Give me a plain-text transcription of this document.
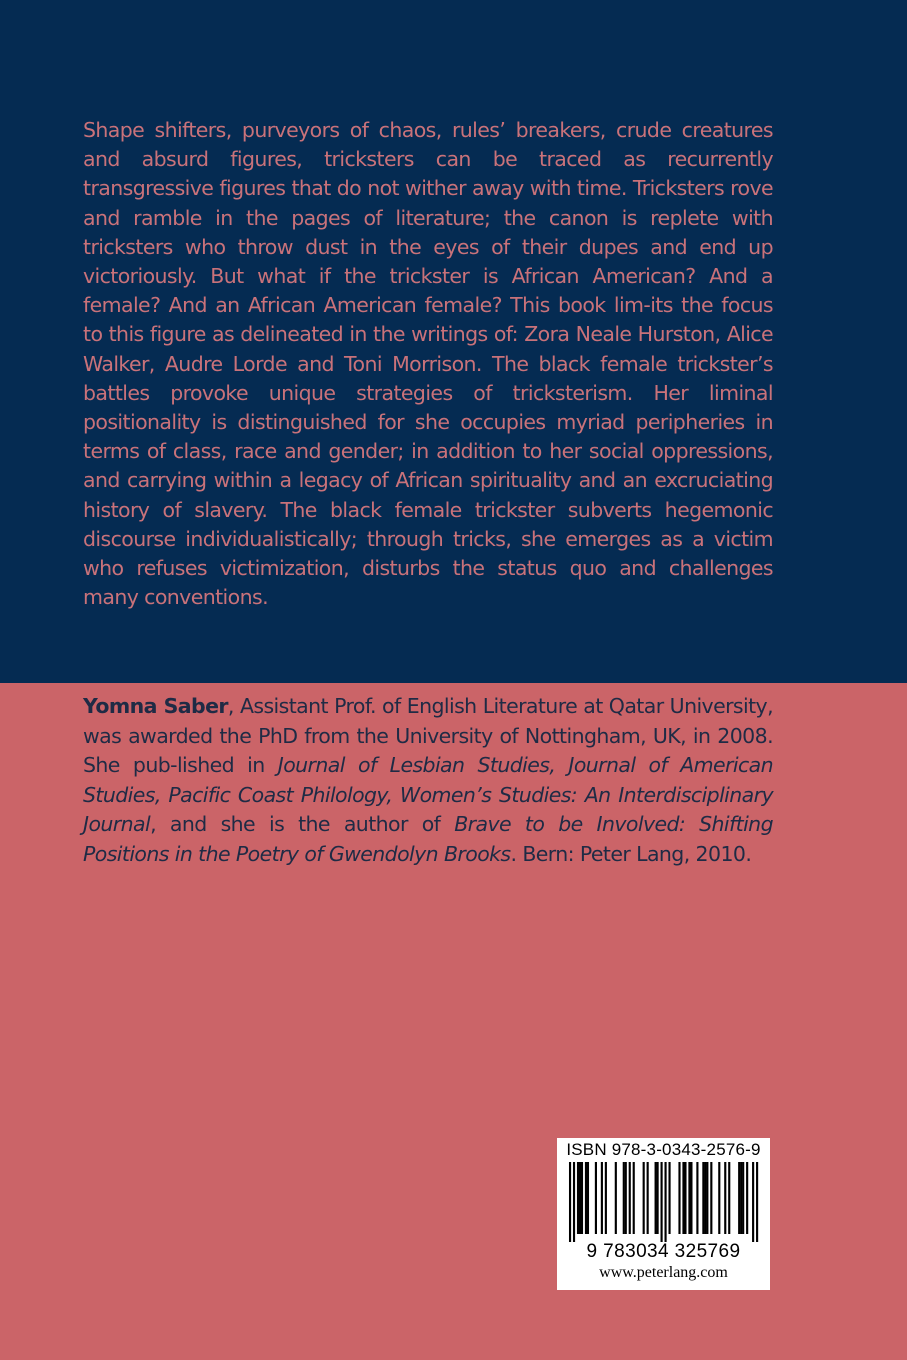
Shape shifters, purveyors of chaos, rules’ breakers, crude creatures and absurd figures, tricksters can be traced as recurrently transgressive figures that do not wither away with time. Tricksters rove and ramble in the pages of literature; the canon is replete with tricksters who throw dust in the eyes of their dupes and end up victoriously. But what if the trickster is African American? And a female? And an African American female? This book lim-its the focus to this figure as delineated in the writings of: Zora Neale Hurston, Alice Walker, Audre Lorde and Toni Morrison. The black female trickster’s battles provoke unique strategies of tricksterism. Her liminal positionality is distinguished for she occupies myriad peripheries in terms of class, race and gender; in addition to her social oppressions, and carrying within a legacy of African spirituality and an excruciating history of slavery. The black female trickster subverts hegemonic discourse individualistically; through tricks, she emerges as a victim who refuses victimization, disturbs the status quo and challenges many conventions.

Yomna Saber, Assistant Prof. of English Literature at Qatar University, was awarded the PhD from the University of Nottingham, UK, in 2008. She pub-lished in Journal of Lesbian Studies, Journal of American Studies, Pacific Coast Philology, Women’s Studies: An Interdisciplinary Journal, and she is the author of Brave to be Involved: Shifting Positions in the Poetry of Gwendolyn Brooks. Bern: Peter Lang, 2010.

ISBN 978-3-0343-2576-9
9 783034 325769
www.peterlang.com
